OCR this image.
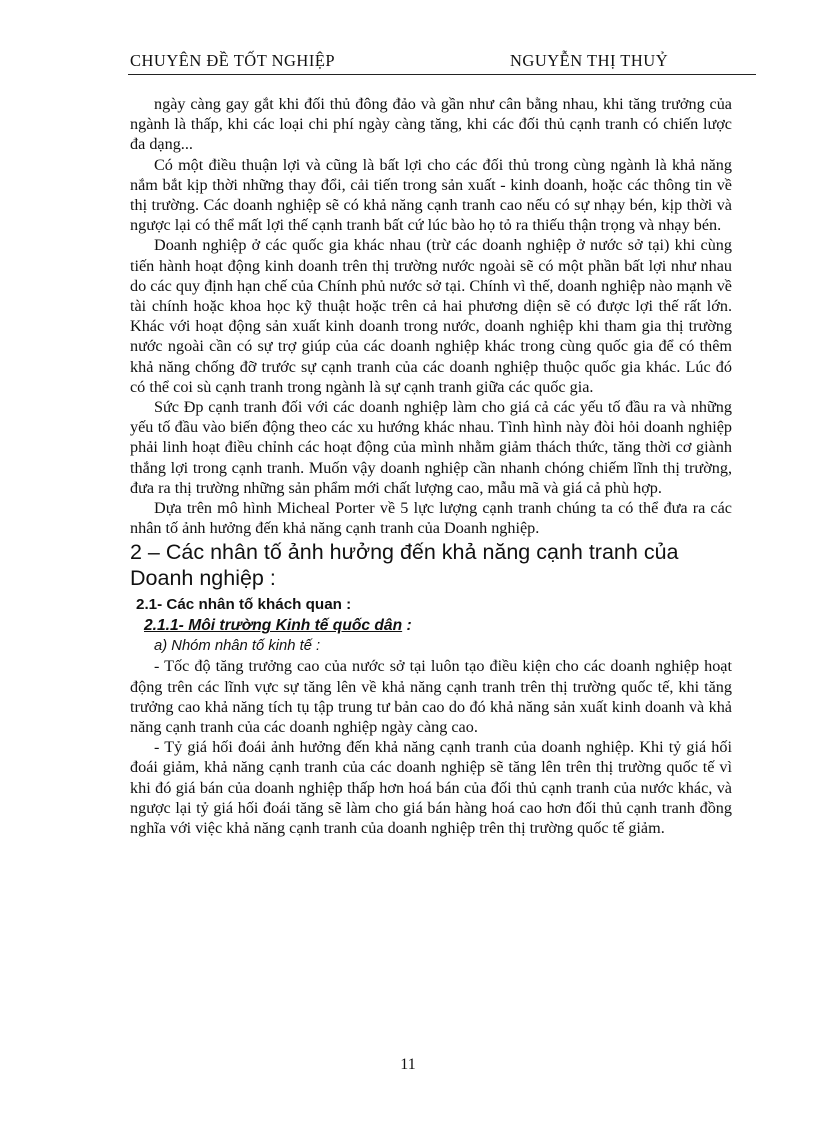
CHUYÊN ĐỀ TỐT NGHIỆP	NGUYỄN THỊ THUỶ

ngày càng gay gắt khi đối thủ đông đảo và gần như cân bằng nhau, khi tăng trưởng của ngành là thấp, khi các loại chi phí ngày càng tăng, khi các đối thủ cạnh tranh có chiến lược đa dạng...

Có một điều thuận lợi và cũng là bất lợi cho các đối thủ trong cùng ngành là khả năng nắm bắt kịp thời những thay đổi, cải tiến trong sản xuất - kinh doanh, hoặc các thông tin về thị trường. Các doanh nghiệp sẽ có khả năng cạnh tranh cao nếu có sự nhạy bén, kịp thời và ngược lại có thể mất lợi thế cạnh tranh bất cứ lúc bào họ tỏ ra thiếu thận trọng và nhạy bén.

Doanh nghiệp ở các quốc gia khác nhau (trừ các doanh nghiệp ở nước sở tại) khi cùng tiến hành hoạt động kinh doanh trên thị trường nước ngoài sẽ có một phần bất lợi như nhau do các quy định hạn chế của Chính phủ nước sở tại. Chính vì thế, doanh nghiệp nào mạnh về tài chính hoặc khoa học kỹ thuật hoặc trên cả hai phương diện sẽ có được lợi thế rất lớn. Khác với hoạt động sản xuất kinh doanh trong nước, doanh nghiệp khi tham gia thị trường nước ngoài cần có sự trợ giúp của các doanh nghiệp khác trong cùng quốc gia để có thêm khả năng chống đỡ trước sự cạnh tranh của các doanh nghiệp thuộc quốc gia khác. Lúc đó có thể coi sù cạnh tranh trong ngành là sự cạnh tranh giữa các quốc gia.

Sức Đp cạnh tranh đối với các doanh nghiệp làm cho giá cả các yếu tố đầu ra và những yếu tố đầu vào biến động theo các xu hướng khác nhau. Tình hình này đòi hỏi doanh nghiệp phải linh hoạt điều chỉnh các hoạt động của mình nhằm giảm thách thức, tăng thời cơ giành thắng lợi trong cạnh tranh. Muốn vậy doanh nghiệp cần nhanh chóng chiếm lĩnh thị trường, đưa ra thị trường những sản phẩm mới chất lượng cao, mẫu mã và giá cả phù hợp.

Dựa trên mô hình Micheal Porter về 5 lực lượng cạnh tranh chúng ta có thể đưa ra các nhân tố ảnh hưởng đến khả năng cạnh tranh của Doanh nghiệp.

2 – Các nhân tố ảnh hưởng đến khả năng cạnh tranh của Doanh nghiệp :
2.1- Các nhân tố khách quan :
2.1.1- Môi trường Kinh tế quốc dân :
a) Nhóm nhân tố kinh tế :

- Tốc độ tăng trưởng cao của nước sở tại luôn tạo điều kiện cho các doanh nghiệp hoạt động trên các lĩnh vực sự tăng lên về khả năng cạnh tranh trên thị trường quốc tế, khi tăng trưởng cao khả năng tích tụ tập trung tư bản cao do đó khả năng sản xuất kinh doanh và khả năng cạnh tranh của các doanh nghiệp ngày càng cao.

- Tỷ giá hối đoái ảnh hưởng đến khả năng cạnh tranh của doanh nghiệp. Khi tỷ giá hối đoái giảm, khả năng cạnh tranh của các doanh nghiệp sẽ tăng lên trên thị trường quốc tế vì khi đó giá bán của doanh nghiệp thấp hơn hoá bán của đối thủ cạnh tranh của nước khác, và ngược lại tỷ giá hối đoái tăng sẽ làm cho giá bán hàng hoá cao hơn đối thủ cạnh tranh đồng nghĩa với việc khả năng cạnh tranh của doanh nghiệp trên thị trường quốc tế giảm.

11
